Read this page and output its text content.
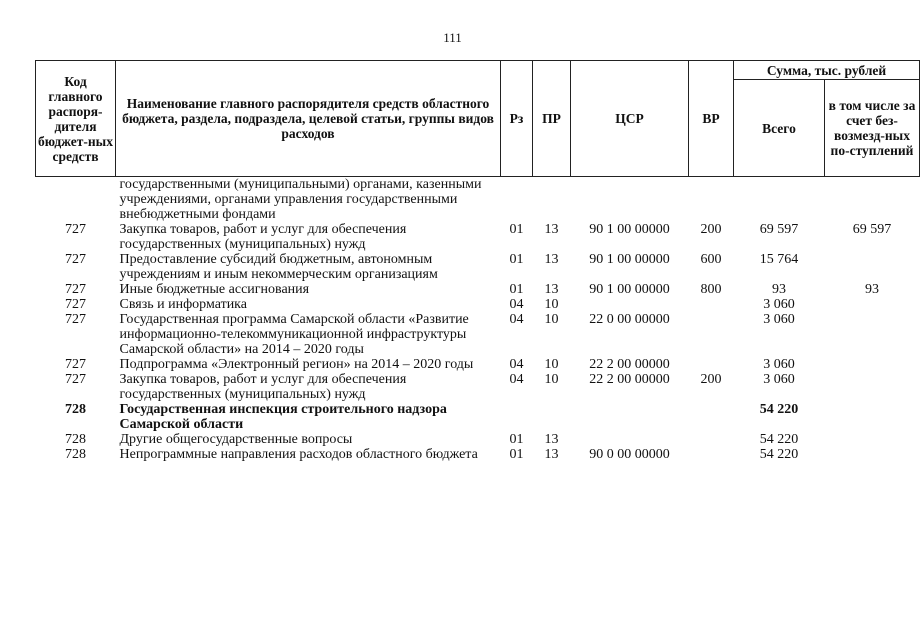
111
Код главного распоря-дителя бюджет-ных средств	Наименование главного распорядителя средств областного бюджета, раздела, подраздела, целевой статьи, группы видов расходов	Рз	ПР	ЦСР	ВР	Сумма, тыс. рублей	
						Всего	в том числе за счет без-возмезд-ных по-ступлений
	государственными (муниципальными) органами, казенными учреждениями, органами управления государственными внебюджетными фондами						
727	Закупка товаров, работ и услуг для обеспечения государственных (муниципальных) нужд	01	13	90 1 00 00000	200	69 597	69 597
727	Предоставление субсидий бюджетным, автономным учреждениям и иным некоммерческим организациям	01	13	90 1 00 00000	600	15 764	
727	Иные бюджетные ассигнования	01	13	90 1 00 00000	800	93	93
727	Связь и информатика	04	10			3 060	
727	Государственная программа Самарской области «Развитие информационно-телекоммуникационной инфраструктуры Самарской области» на 2014 – 2020 годы	04	10	22 0 00 00000		3 060	
727	Подпрограмма «Электронный регион» на 2014 – 2020 годы	04	10	22 2 00 00000		3 060	
727	Закупка товаров, работ и услуг для обеспечения государственных (муниципальных) нужд	04	10	22 2 00 00000	200	3 060	
728	Государственная инспекция строительного надзора Самарской области					54 220	
728	Другие общегосударственные вопросы	01	13			54 220	
728	Непрограммные направления расходов областного бюджета	01	13	90 0 00 00000		54 220	
